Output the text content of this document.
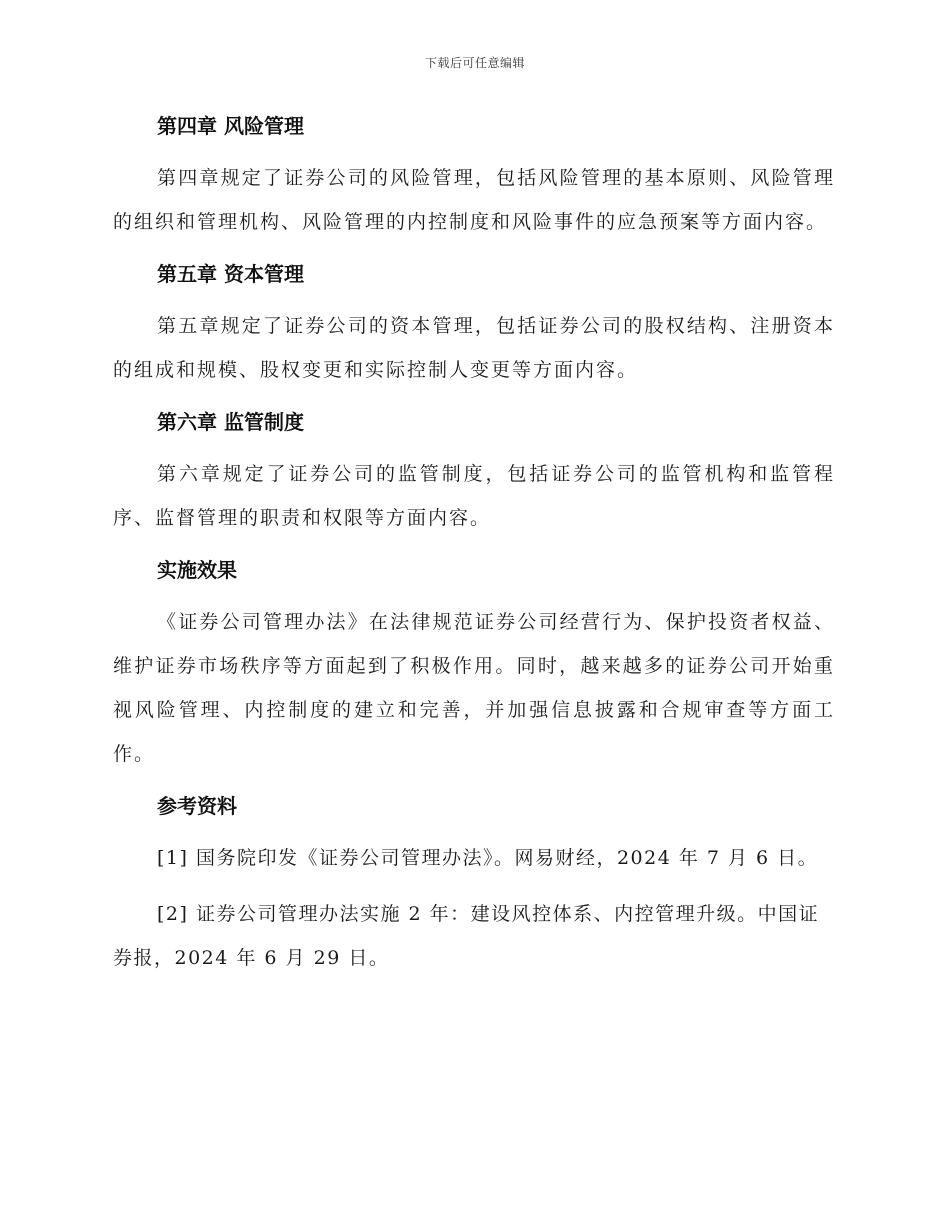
下载后可任意编辑
第四章 风险管理

第四章规定了证券公司的风险管理，包括风险管理的基本原则、风险管理的组织和管理机构、风险管理的内控制度和风险事件的应急预案等方面内容。

第五章 资本管理

第五章规定了证券公司的资本管理，包括证券公司的股权结构、注册资本的组成和规模、股权变更和实际控制人变更等方面内容。

第六章 监管制度

第六章规定了证券公司的监管制度，包括证券公司的监管机构和监管程序、监督管理的职责和权限等方面内容。

实施效果

《证券公司管理办法》在法律规范证券公司经营行为、保护投资者权益、维护证券市场秩序等方面起到了积极作用。同时，越来越多的证券公司开始重视风险管理、内控制度的建立和完善，并加强信息披露和合规审查等方面工作。

参考资料

[1] 国务院印发《证券公司管理办法》。网易财经，2024 年 7 月 6 日。

[2] 证券公司管理办法实施 2 年：建设风控体系、内控管理升级。中国证券报，2024 年 6 月 29 日。
